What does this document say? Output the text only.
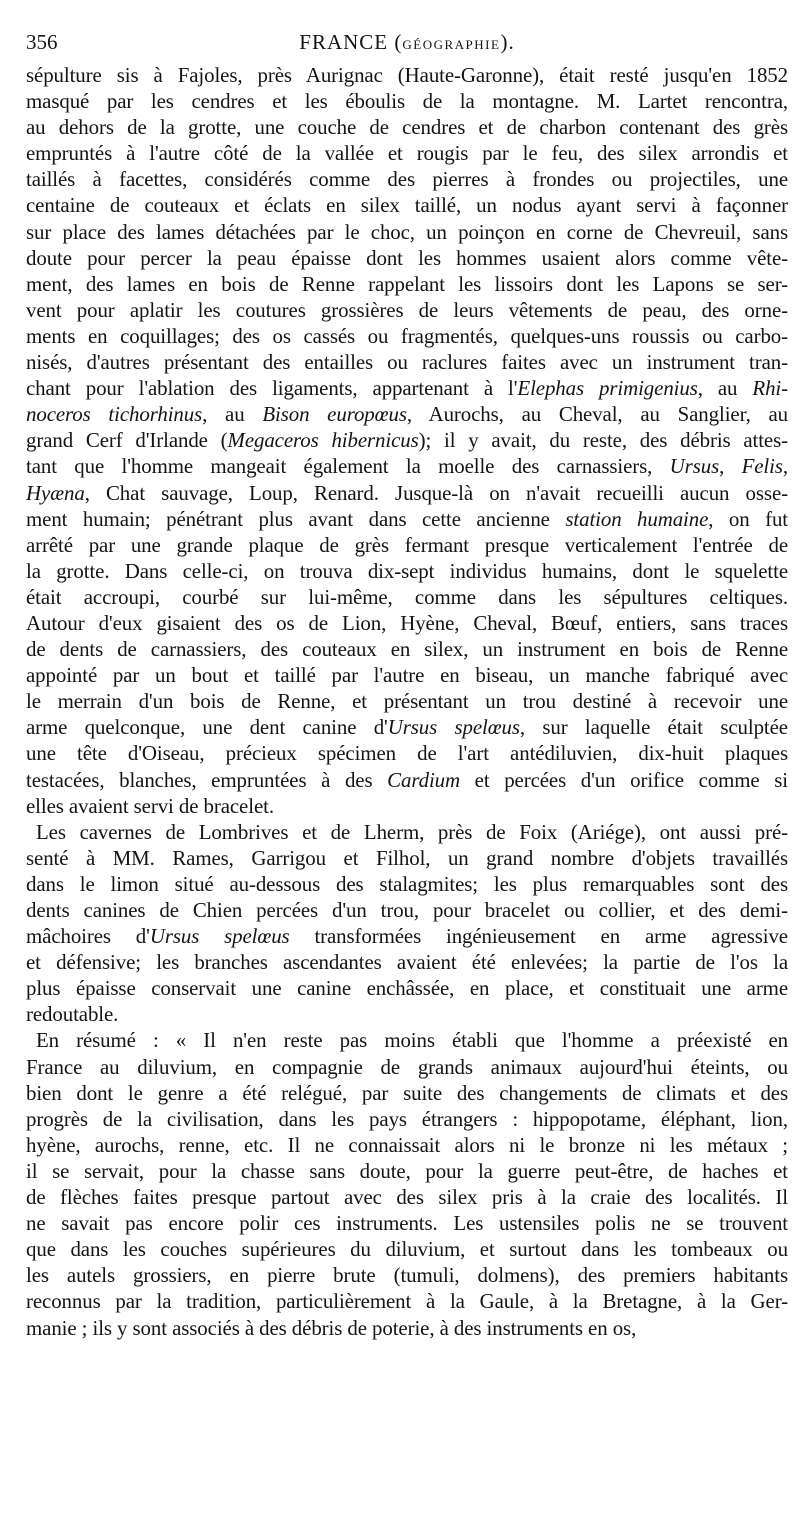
356	FRANCE (GÉOGRAPHIE).

sépulture sis à Fajoles, près Aurignac (Haute-Garonne), était resté jusqu'en 1852
masqué par les cendres et les éboulis de la montagne. M. Lartet rencontra,
au dehors de la grotte, une couche de cendres et de charbon contenant des grès
empruntés à l'autre côté de la vallée et rougis par le feu, des silex arrondis et
taillés à facettes, considérés comme des pierres à frondes ou projectiles, une
centaine de couteaux et éclats en silex taillé, un nodus ayant servi à façonner
sur place des lames détachées par le choc, un poinçon en corne de Chevreuil, sans
doute pour percer la peau épaisse dont les hommes usaient alors comme vête-
ment, des lames en bois de Renne rappelant les lissoirs dont les Lapons se ser-
vent pour aplatir les coutures grossières de leurs vêtements de peau, des orne-
ments en coquillages; des os cassés ou fragmentés, quelques-uns roussis ou carbo-
nisés, d'autres présentant des entailles ou raclures faites avec un instrument tran-
chant pour l'ablation des ligaments, appartenant à l'Elephas primigenius, au Rhi-
noceros tichorhinus, au Bison europœus, Aurochs, au Cheval, au Sanglier, au
grand Cerf d'Irlande (Megaceros hibernicus); il y avait, du reste, des débris attes-
tant que l'homme mangeait également la moelle des carnassiers, Ursus, Felis,
Hyæna, Chat sauvage, Loup, Renard. Jusque-là on n'avait recueilli aucun osse-
ment humain; pénétrant plus avant dans cette ancienne station humaine, on fut
arrêté par une grande plaque de grès fermant presque verticalement l'entrée de
la grotte. Dans celle-ci, on trouva dix-sept individus humains, dont le squelette
était accroupi, courbé sur lui-même, comme dans les sépultures celtiques.
Autour d'eux gisaient des os de Lion, Hyène, Cheval, Bœuf, entiers, sans traces
de dents de carnassiers, des couteaux en silex, un instrument en bois de Renne
appointé par un bout et taillé par l'autre en biseau, un manche fabriqué avec
le merrain d'un bois de Renne, et présentant un trou destiné à recevoir une
arme quelconque, une dent canine d'Ursus spelœus, sur laquelle était sculptée
une tête d'Oiseau, précieux spécimen de l'art antédiluvien, dix-huit plaques
testacées, blanches, empruntées à des Cardium et percées d'un orifice comme si
elles avaient servi de bracelet.

Les cavernes de Lombrives et de Lherm, près de Foix (Ariége), ont aussi pré-
senté à MM. Rames, Garrigou et Filhol, un grand nombre d'objets travaillés
dans le limon situé au-dessous des stalagmites; les plus remarquables sont des
dents canines de Chien percées d'un trou, pour bracelet ou collier, et des demi-
mâchoires d'Ursus spelœus transformées ingénieusement en arme agressive
et défensive; les branches ascendantes avaient été enlevées; la partie de l'os la
plus épaisse conservait une canine enchâssée, en place, et constituait une arme
redoutable.

En résumé : « Il n'en reste pas moins établi que l'homme a préexisté en
France au diluvium, en compagnie de grands animaux aujourd'hui éteints, ou
bien dont le genre a été relégué, par suite des changements de climats et des
progrès de la civilisation, dans les pays étrangers : hippopotame, éléphant, lion,
hyène, aurochs, renne, etc. Il ne connaissait alors ni le bronze ni les métaux ;
il se servait, pour la chasse sans doute, pour la guerre peut-être, de haches et
de flèches faites presque partout avec des silex pris à la craie des localités. Il
ne savait pas encore polir ces instruments. Les ustensiles polis ne se trouvent
que dans les couches supérieures du diluvium, et surtout dans les tombeaux ou
les autels grossiers, en pierre brute (tumuli, dolmens), des premiers habitants
reconnus par la tradition, particulièrement à la Gaule, à la Bretagne, à la Ger-
manie ; ils y sont associés à des débris de poterie, à des instruments en os,
